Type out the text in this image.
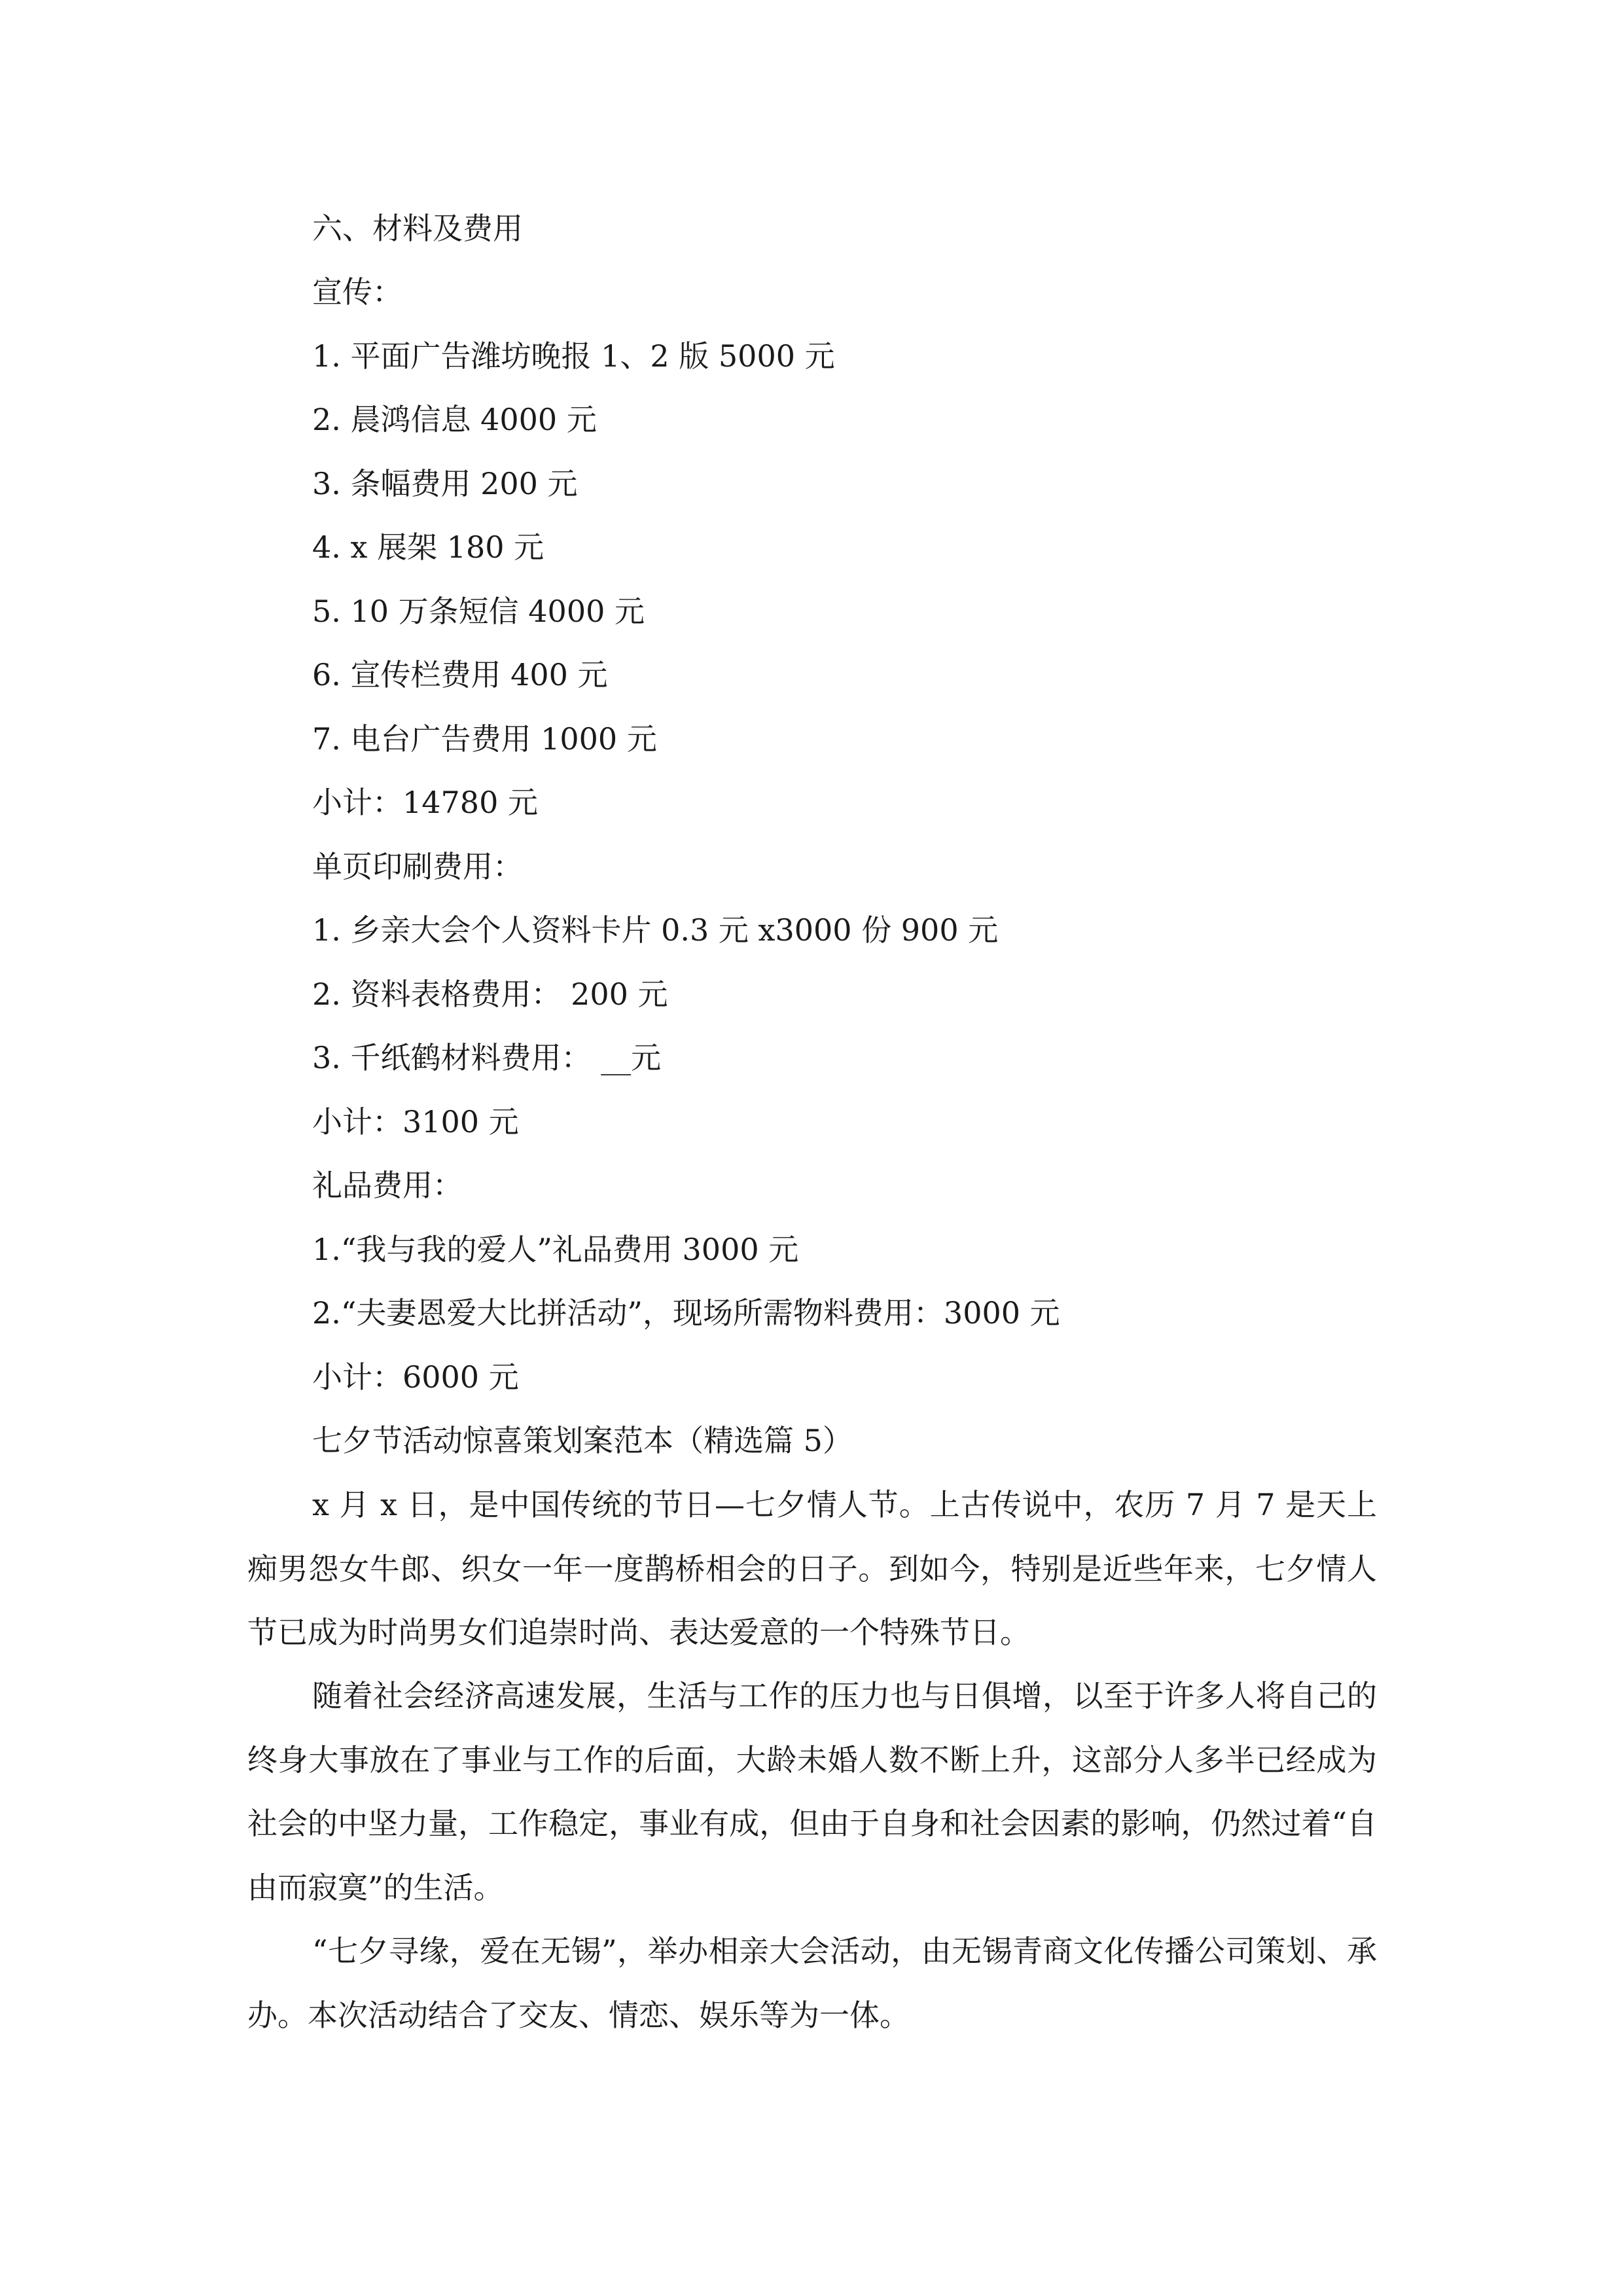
六、材料及费用
宣传：
1. 平面广告潍坊晚报 1、2 版 5000 元
2. 晨鸿信息 4000 元
3. 条幅费用 200 元
4. x 展架 180 元
5. 10 万条短信 4000 元
6. 宣传栏费用 400 元
7. 电台广告费用 1000 元
小计：14780 元
单页印刷费用：
1. 乡亲大会个人资料卡片 0.3 元 x3000 份 900 元
2. 资料表格费用： 200 元
3. 千纸鹤材料费用： __元
小计：3100 元
礼品费用：
1.“我与我的爱人”礼品费用 3000 元
2.“夫妻恩爱大比拼活动”，现场所需物料费用：3000 元
小计：6000 元
七夕节活动惊喜策划案范本（精选篇 5）
x 月 x 日，是中国传统的节日—七夕情人节。上古传说中，农历 7 月 7 是天上痴男怨女牛郎、织女一年一度鹊桥相会的日子。到如今，特别是近些年来，七夕情人节已成为时尚男女们追崇时尚、表达爱意的一个特殊节日。
随着社会经济高速发展，生活与工作的压力也与日俱增，以至于许多人将自己的终身大事放在了事业与工作的后面，大龄未婚人数不断上升，这部分人多半已经成为社会的中坚力量，工作稳定，事业有成，但由于自身和社会因素的影响，仍然过着“自由而寂寞”的生活。
“七夕寻缘，爱在无锡”，举办相亲大会活动，由无锡青商文化传播公司策划、承办。本次活动结合了交友、情恋、娱乐等为一体。
